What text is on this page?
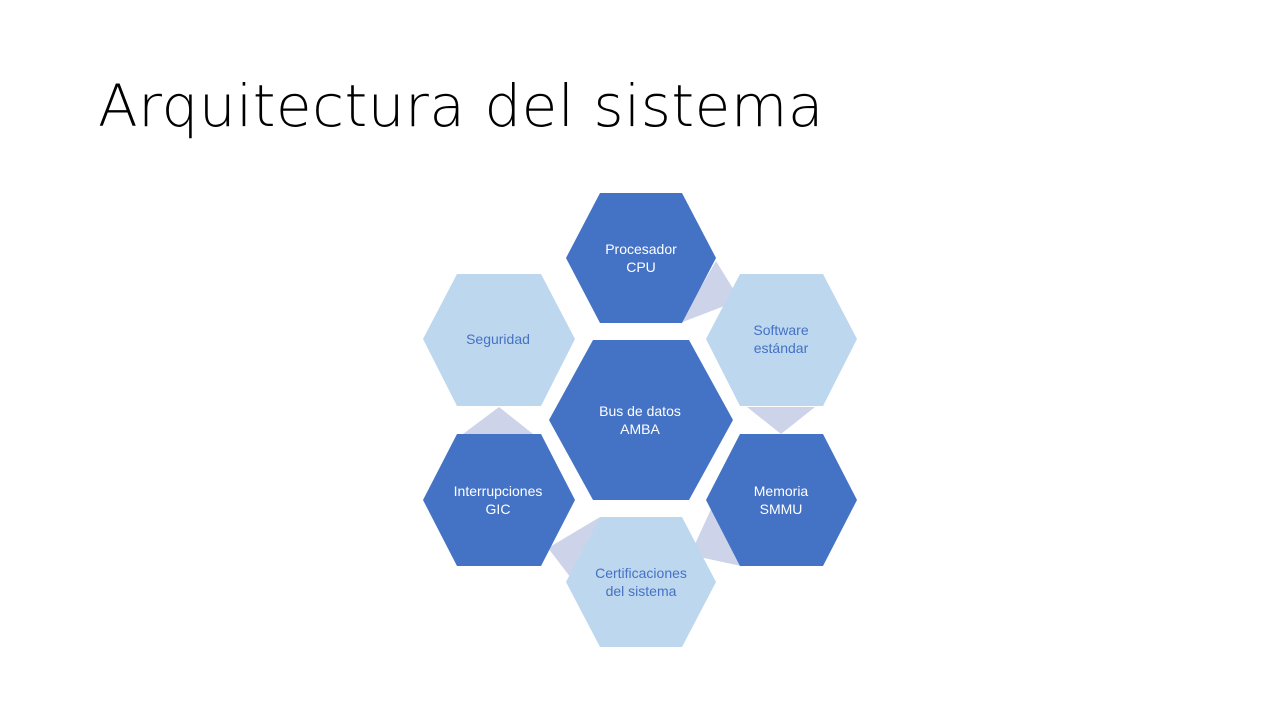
Arquitectura del sistema
Procesador
CPU
Seguridad
Software
estándar
Bus de datos
AMBA
Interrupciones
GIC
Memoria
SMMU
Certificaciones
del sistema
